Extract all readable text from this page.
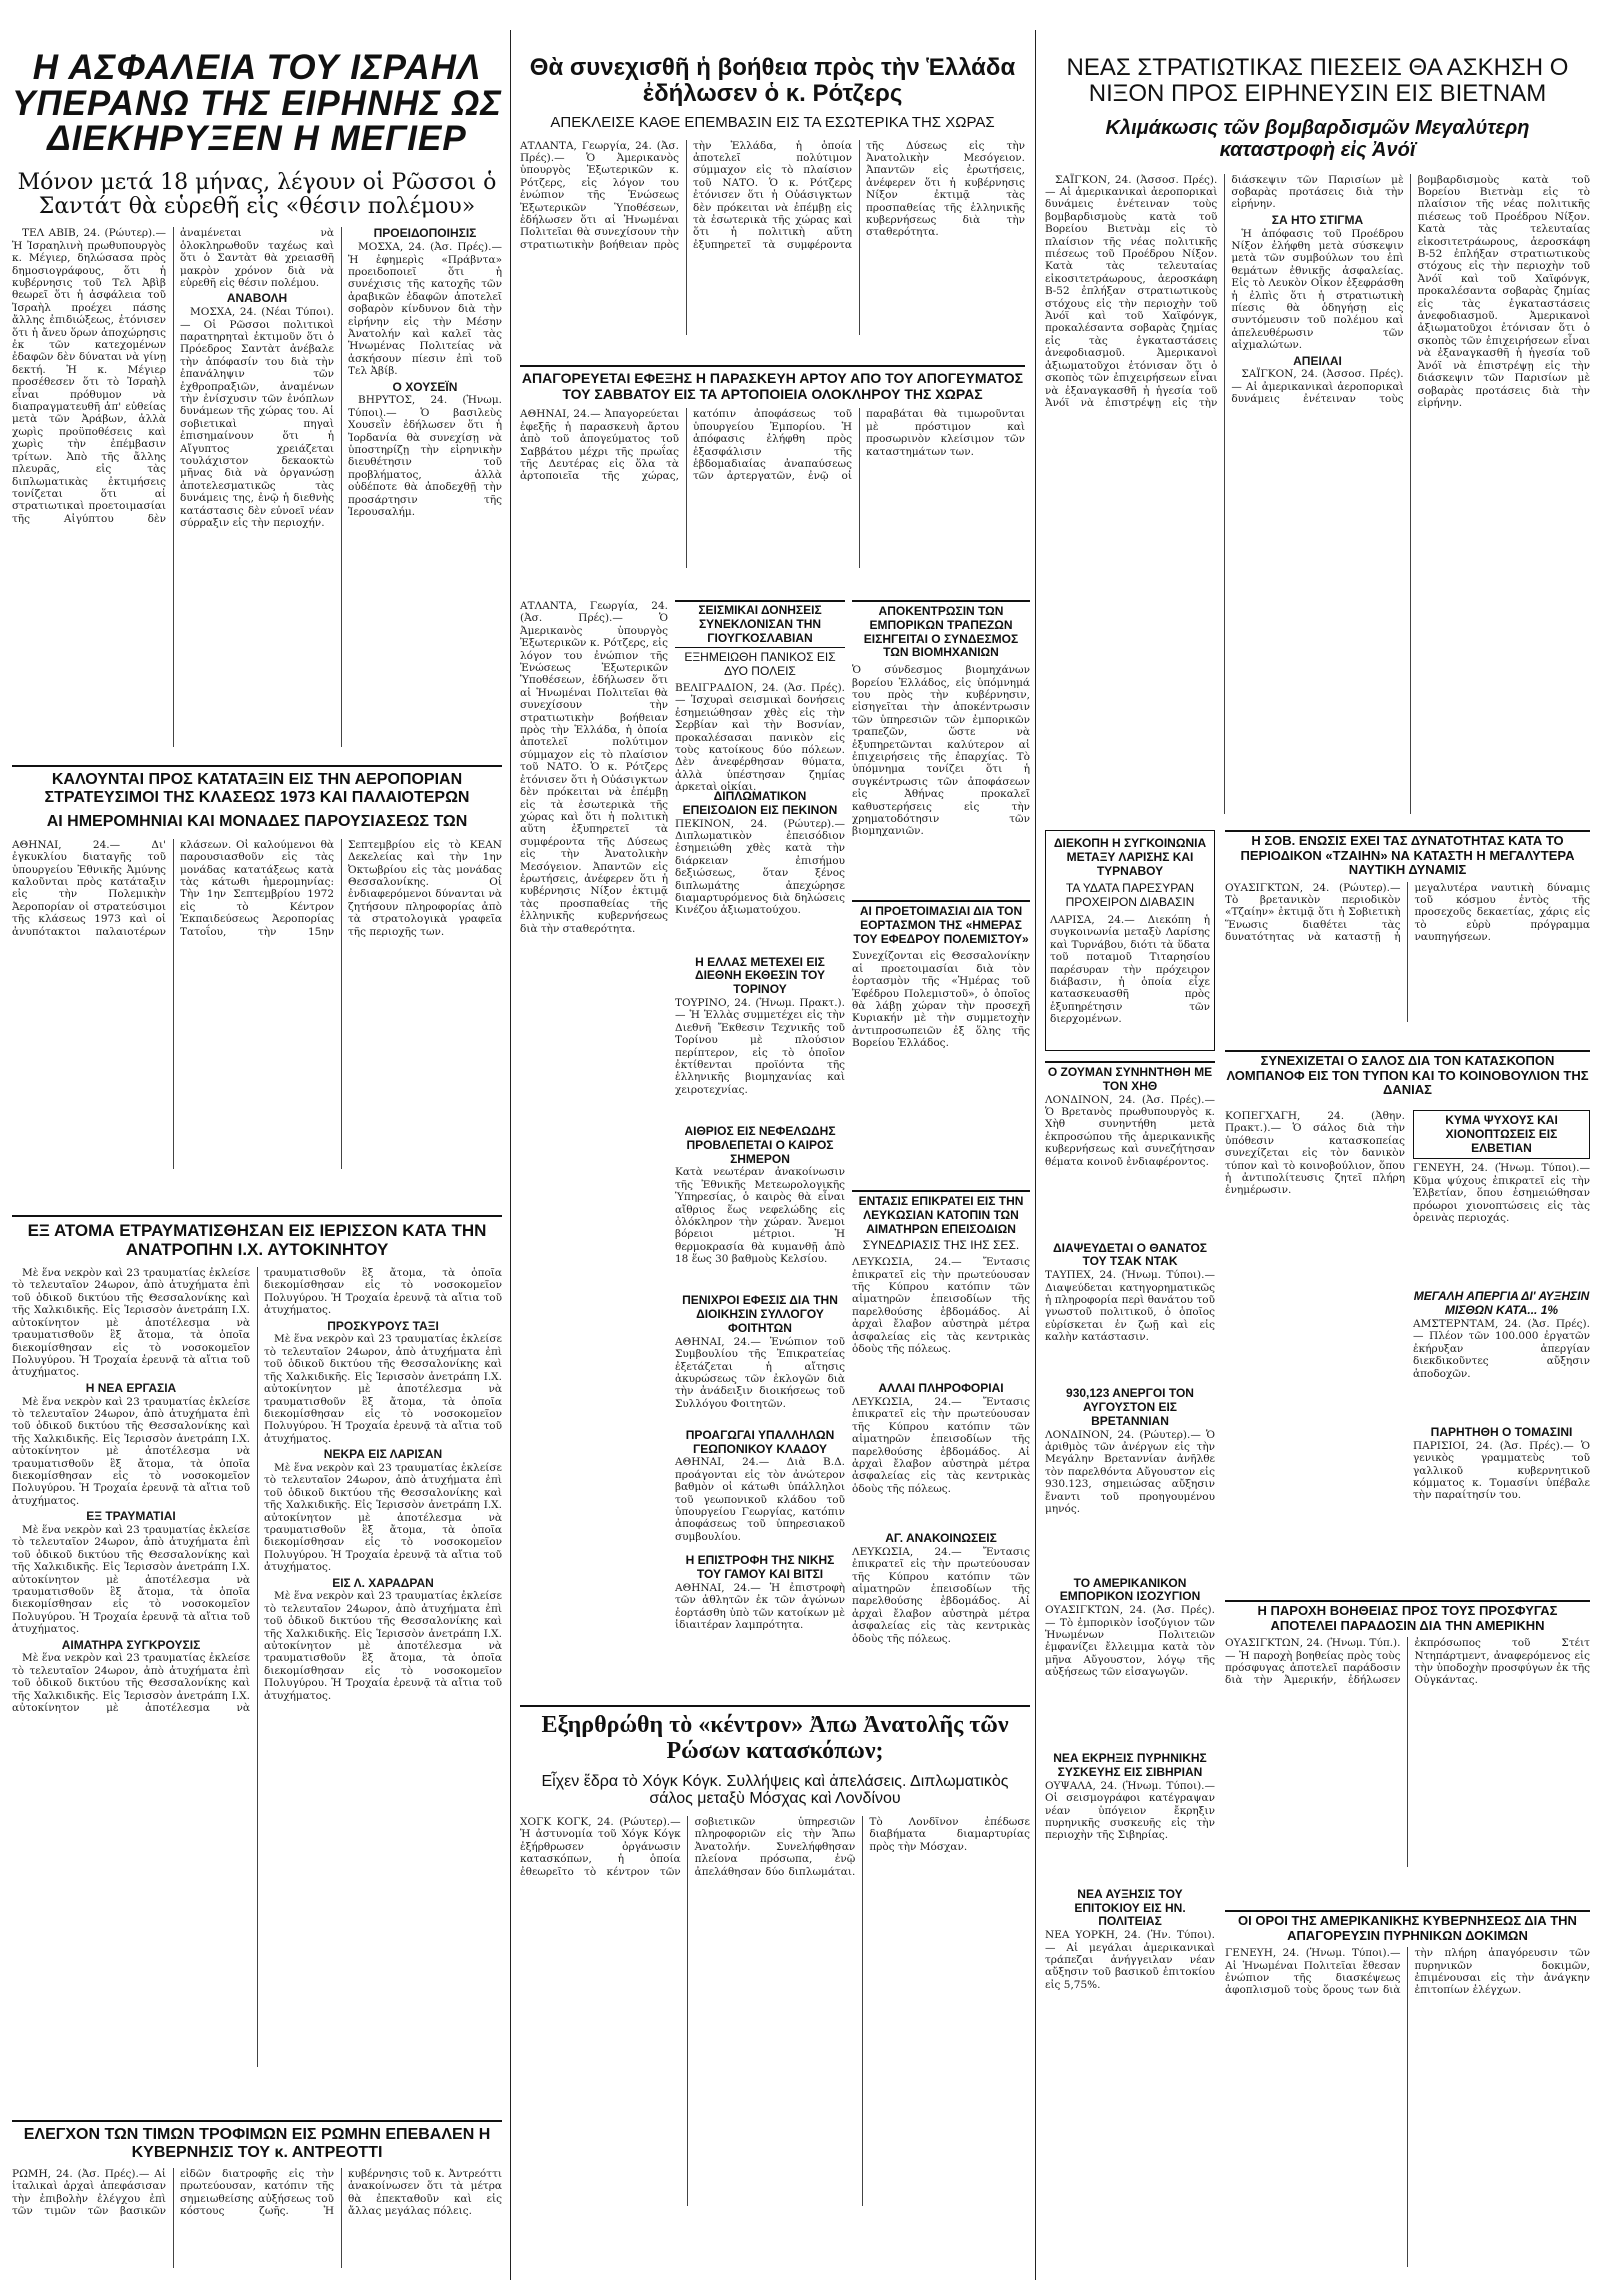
Η ΑΣΦΑΛΕΙΑ ΤΟΥ ΙΣΡΑΗΛ ΥΠΕΡΑΝΩ ΤΗΣ ΕΙΡΗΝΗΣ ΩΣ ΔΙΕΚΗΡΥΞΕΝ Η ΜΕΓΙΕΡ
Μόνον μετά 18 μήνας, λέγουν οἱ Ρῶσσοι ὁ Σαντάτ θὰ εὑρεθῆ εἰς «θέσιν πολέμου»

ΤΕΛ ΑΒΙΒ, 24. (Ρώυτερ).— Ἡ Ἰσραηλινὴ πρωθυπουργὸς κ. Μέγιερ, δηλώσασα πρὸς δημοσιογράφους, ὅτι ἡ κυβέρνησις τοῦ Τελ Ἀβὶβ θεωρεῖ ὅτι ἡ ἀσφάλεια τοῦ Ἰσραὴλ προέχει πάσης ἄλλης ἐπιδιώξεως, ἐτόνισεν ὅτι ἡ ἄνευ ὅρων ἀποχώρησις ἐκ τῶν κατεχομένων ἐδαφῶν δὲν δύναται νὰ γίνῃ δεκτή. Ἡ κ. Μέγιερ προσέθεσεν ὅτι τὸ Ἰσραὴλ εἶναι πρόθυμον νὰ διαπραγματευθῆ ἀπ' εὐθείας μετὰ τῶν Ἀράβων, ἀλλὰ χωρὶς προϋποθέσεις καὶ χωρὶς τὴν ἐπέμβασιν τρίτων. Ἀπὸ τῆς ἄλλης πλευρᾶς, εἰς τὰς διπλωματικὰς ἐκτιμήσεις τονίζεται ὅτι αἱ στρατιωτικαὶ προετοιμασίαι τῆς Αἰγύπτου δὲν ἀναμένεται νὰ ὁλοκληρωθοῦν ταχέως καὶ ὅτι ὁ Σαντὰτ θὰ χρειασθῆ μακρὸν χρόνον διὰ νὰ εὑρεθῆ εἰς θέσιν πολέμου.

ΑΝΑΒΟΛΗ

ΜΟΣΧΑ, 24. (Νέαι Τύποι).— Οἱ Ρῶσσοι πολιτικοὶ παρατηρηταὶ ἐκτιμοῦν ὅτι ὁ Πρόεδρος Σαντὰτ ἀνέβαλε τὴν ἀπόφασίν του διὰ τὴν ἐπανάληψιν τῶν ἐχθροπραξιῶν, ἀναμένων τὴν ἐνίσχυσιν τῶν ἐνόπλων δυνάμεων τῆς χώρας του. Αἱ σοβιετικαὶ πηγαὶ ἐπισημαίνουν ὅτι ἡ Αἴγυπτος χρειάζεται τουλάχιστον δεκαοκτὼ μῆνας διὰ νὰ ὀργανώσῃ ἀποτελεσματικῶς τὰς δυνάμεις της, ἐνῷ ἡ διεθνὴς κατάστασις δὲν εὐνοεῖ νέαν σύρραξιν εἰς τὴν περιοχήν.

ΠΡΟΕΙΔΟΠΟΙΗΣΙΣ

ΜΟΣΧΑ, 24. (Ἀσ. Πρές).— Ἡ ἐφημερὶς «Πράβντα» προειδοποιεῖ ὅτι ἡ συνέχισις τῆς κατοχῆς τῶν ἀραβικῶν ἐδαφῶν ἀποτελεῖ σοβαρὸν κίνδυνον διὰ τὴν εἰρήνην εἰς τὴν Μέσην Ἀνατολήν καὶ καλεῖ τὰς Ἡνωμένας Πολιτείας νὰ ἀσκήσουν πίεσιν ἐπὶ τοῦ Τελ Ἀβίβ.

Ο ΧΟΥΣΕΪΝ

ΒΗΡΥΤΟΣ, 24. (Ἡνωμ. Τύποι).— Ὁ βασιλεὺς Χουσεῒν ἐδήλωσεν ὅτι ἡ Ἰορδανία θὰ συνεχίσῃ νὰ ὑποστηρίζῃ τὴν εἰρηνικὴν διευθέτησιν τοῦ προβλήματος, ἀλλὰ οὐδέποτε θὰ ἀποδεχθῇ τὴν προσάρτησιν τῆς Ἱερουσαλήμ.

Θὰ συνεχισθῆ ἡ βοήθεια πρὸς τὴν Ἑλλάδα ἐδήλωσεν ὁ κ. Ρότζερς
ΑΠΕΚΛΕΙΣΕ ΚΑΘΕ ΕΠΕΜΒΑΣΙΝ ΕΙΣ ΤΑ ΕΣΩΤΕΡΙΚΑ ΤΗΣ ΧΩΡΑΣ
ΑΤΛΑΝΤΑ, Γεωργία, 24. (Ἀσ. Πρές).— Ὁ Ἀμερικανὸς ὑπουργὸς Ἐξωτερικῶν κ. Ρότζερς, εἰς λόγον του ἐνώπιον τῆς Ἑνώσεως Ἐξωτερικῶν Ὑποθέσεων, ἐδήλωσεν ὅτι αἱ Ἡνωμέναι Πολιτεῖαι θὰ συνεχίσουν τὴν στρατιωτικὴν βοήθειαν πρὸς τὴν Ἑλλάδα, ἡ ὁποία ἀποτελεῖ πολύτιμον σύμμαχον εἰς τὸ πλαίσιον τοῦ ΝΑΤΟ. Ὁ κ. Ρότζερς ἐτόνισεν ὅτι ἡ Οὐάσιγκτων δὲν πρόκειται νὰ ἐπέμβῃ εἰς τὰ ἐσωτερικὰ τῆς χώρας καὶ ὅτι ἡ πολιτικὴ αὕτη ἐξυπηρετεῖ τὰ συμφέροντα τῆς Δύσεως εἰς τὴν Ἀνατολικὴν Μεσόγειον. Ἀπαντῶν εἰς ἐρωτήσεις, ἀνέφερεν ὅτι ἡ κυβέρνησις Νίξον ἐκτιμᾷ τὰς προσπαθείας τῆς ἑλληνικῆς κυβερνήσεως διὰ τὴν σταθερότητα.
ΝΕΑΣ ΣΤΡΑΤΙΩΤΙΚΑΣ ΠΙΕΣΕΙΣ ΘΑ ΑΣΚΗΣΗ Ο ΝΙΞΟΝ ΠΡΟΣ ΕΙΡΗΝΕΥΣΙΝ ΕΙΣ ΒΙΕΤΝΑΜ
Κλιμάκωσις τῶν βομβαρδισμῶν Μεγαλύτερη καταστροφὴ εἰς Ἀνόϊ

ΣΑΪΓΚΟΝ, 24. (Ἀσσοσ. Πρές).— Αἱ ἀμερικανικαὶ ἀεροπορικαὶ δυνάμεις ἐνέτειναν τοὺς βομβαρδισμοὺς κατὰ τοῦ Βορείου Βιετνὰμ εἰς τὸ πλαίσιον τῆς νέας πολιτικῆς πιέσεως τοῦ Προέδρου Νίξον. Κατὰ τὰς τελευταίας εἰκοσιτετράωρους, ἀεροσκάφη Β-52 ἐπλήξαν στρατιωτικοὺς στόχους εἰς τὴν περιοχὴν τοῦ Ἀνόϊ καὶ τοῦ Χαϊφόνγκ, προκαλέσαντα σοβαρὰς ζημίας εἰς τὰς ἐγκαταστάσεις ἀνεφοδιασμοῦ. Ἀμερικανοὶ ἀξιωματοῦχοι ἐτόνισαν ὅτι ὁ σκοπὸς τῶν ἐπιχειρήσεων εἶναι νὰ ἐξαναγκασθῆ ἡ ἡγεσία τοῦ Ἀνόϊ νὰ ἐπιστρέψῃ εἰς τὴν διάσκεψιν τῶν Παρισίων μὲ σοβαρὰς προτάσεις διὰ τὴν εἰρήνην.

ΣΑ ΗΤΟ ΣΤΙΓΜΑ

Ἡ ἀπόφασις τοῦ Προέδρου Νίξον ἐλήφθη μετὰ σύσκεψιν μετὰ τῶν συμβούλων του ἐπὶ θεμάτων ἐθνικῆς ἀσφαλείας. Εἰς τὸ Λευκὸν Οἶκον ἐξεφράσθη ἡ ἐλπὶς ὅτι ἡ στρατιωτικὴ πίεσις θὰ ὁδηγήσῃ εἰς συντόμευσιν τοῦ πολέμου καὶ ἀπελευθέρωσιν τῶν αἰχμαλώτων.

ΑΠΕΙΛΑΙ

ΣΑΪΓΚΟΝ, 24. (Ἀσσοσ. Πρές).— Αἱ ἀμερικανικαὶ ἀεροπορικαὶ δυνάμεις ἐνέτειναν τοὺς βομβαρδισμοὺς κατὰ τοῦ Βορείου Βιετνὰμ εἰς τὸ πλαίσιον τῆς νέας πολιτικῆς πιέσεως τοῦ Προέδρου Νίξον. Κατὰ τὰς τελευταίας εἰκοσιτετράωρους, ἀεροσκάφη Β-52 ἐπλήξαν στρατιωτικοὺς στόχους εἰς τὴν περιοχὴν τοῦ Ἀνόϊ καὶ τοῦ Χαϊφόνγκ, προκαλέσαντα σοβαρὰς ζημίας εἰς τὰς ἐγκαταστάσεις ἀνεφοδιασμοῦ. Ἀμερικανοὶ ἀξιωματοῦχοι ἐτόνισαν ὅτι ὁ σκοπὸς τῶν ἐπιχειρήσεων εἶναι νὰ ἐξαναγκασθῆ ἡ ἡγεσία τοῦ Ἀνόϊ νὰ ἐπιστρέψῃ εἰς τὴν διάσκεψιν τῶν Παρισίων μὲ σοβαρὰς προτάσεις διὰ τὴν εἰρήνην.

ΣΕΙΣΜΙΚΑΙ ΔΟΝΗΣΕΙΣ ΣΥΝΕΚΛΟΝΙΣΑΝ ΤΗΝ ΓΙΟΥΓΚΟΣΛΑΒΙΑΝ
ΕΞΗΜΕΙΩΘΗ ΠΑΝΙΚΟΣ ΕΙΣ ΔΥΟ ΠΟΛΕΙΣ
ΒΕΛΙΓΡΑΔΙΟΝ, 24. (Ἀσ. Πρές).— Ἰσχυραὶ σεισμικαὶ δονήσεις ἐσημειώθησαν χθὲς εἰς τὴν Σερβίαν καὶ τὴν Βοσνίαν, προκαλέσασαι πανικὸν εἰς τοὺς κατοίκους δύο πόλεων. Δὲν ἀνεφέρθησαν θύματα, ἀλλὰ ὑπέστησαν ζημίας ἀρκεταὶ οἰκίαι.
ΔΙΠΛΩΜΑΤΙΚΟΝ ΕΠΕΙΣΟΔΙΟΝ ΕΙΣ ΠΕΚΙΝΟΝ
ΠΕΚΙΝΟΝ, 24. (Ρώυτερ).— Διπλωματικὸν ἐπεισόδιον ἐσημειώθη χθὲς κατὰ τὴν διάρκειαν ἐπισήμου δεξιώσεως, ὅταν ξένος διπλωμάτης ἀπεχώρησε διαμαρτυρόμενος διὰ δηλώσεις Κινέζου ἀξιωματούχου.
Η ΕΛΛΑΣ ΜΕΤΕΧΕΙ ΕΙΣ ΔΙΕΘΝΗ ΕΚΘΕΣΙΝ ΤΟΥ ΤΟΡΙΝΟΥ
ΤΟΥΡΙΝΟ, 24. (Ἡνωμ. Πρακτ.).— Ἡ Ἑλλὰς συμμετέχει εἰς τὴν Διεθνῆ Ἔκθεσιν Τεχνικῆς τοῦ Τορίνου μὲ πλούσιον περίπτερον, εἰς τὸ ὁποῖον ἐκτίθενται προϊόντα τῆς ἑλληνικῆς βιομηχανίας καὶ χειροτεχνίας.
ΑΙΘΡΙΟΣ ΕΙΣ ΝΕΦΕΛΩΔΗΣ ΠΡΟΒΛΕΠΕΤΑΙ Ο ΚΑΙΡΟΣ ΣΗΜΕΡΟΝ
Κατὰ νεωτέραν ἀνακοίνωσιν τῆς Ἐθνικῆς Μετεωρολογικῆς Ὑπηρεσίας, ὁ καιρὸς θὰ εἶναι αἴθριος ἕως νεφελώδης εἰς ὁλόκληρον τὴν χώραν. Ἄνεμοι βόρειοι μέτριοι. Ἡ θερμοκρασία θὰ κυμανθῇ ἀπὸ 18 ἕως 30 βαθμοὺς Κελσίου.
ΠΕΝΙΧΡΟΙ ΕΦΕΣΙΣ ΔΙΑ ΤΗΝ ΔΙΟΙΚΗΣΙΝ ΣΥΛΛΟΓΟΥ ΦΟΙΤΗΤΩΝ
ΑΘΗΝΑΙ, 24.— Ἐνώπιον τοῦ Συμβουλίου τῆς Ἐπικρατείας ἐξετάζεται ἡ αἴτησις ἀκυρώσεως τῶν ἐκλογῶν διὰ τὴν ἀνάδειξιν διοικήσεως τοῦ Συλλόγου Φοιτητῶν.
ΠΡΟΑΓΩΓΑΙ ΥΠΑΛΛΗΛΩΝ ΓΕΩΠΟΝΙΚΟΥ ΚΛΑΔΟΥ
ΑΘΗΝΑΙ, 24.— Διὰ Β.Δ. προάγονται εἰς τὸν ἀνώτερον βαθμὸν οἱ κάτωθι ὑπάλληλοι τοῦ γεωπονικοῦ κλάδου τοῦ ὑπουργείου Γεωργίας, κατόπιν ἀποφάσεως τοῦ ὑπηρεσιακοῦ συμβουλίου.
Η ΕΠΙΣΤΡΟΦΗ ΤΗΣ ΝΙΚΗΣ ΤΟΥ ΓΑΜΟΥ ΚΑΙ ΒΙΤΣΙ
ΑΘΗΝΑΙ, 24.— Ἡ ἐπιστροφὴ τῶν ἀθλητῶν ἐκ τῶν ἀγώνων ἐορτάσθη ὑπὸ τῶν κατοίκων μὲ ἰδιαιτέραν λαμπρότητα.
ΑΤΛΑΝΤΑ, Γεωργία, 24. (Ἀσ. Πρές).— Ὁ Ἀμερικανὸς ὑπουργὸς Ἐξωτερικῶν κ. Ρότζερς, εἰς λόγον του ἐνώπιον τῆς Ἑνώσεως Ἐξωτερικῶν Ὑποθέσεων, ἐδήλωσεν ὅτι αἱ Ἡνωμέναι Πολιτεῖαι θὰ συνεχίσουν τὴν στρατιωτικὴν βοήθειαν πρὸς τὴν Ἑλλάδα, ἡ ὁποία ἀποτελεῖ πολύτιμον σύμμαχον εἰς τὸ πλαίσιον τοῦ ΝΑΤΟ. Ὁ κ. Ρότζερς ἐτόνισεν ὅτι ἡ Οὐάσιγκτων δὲν πρόκειται νὰ ἐπέμβῃ εἰς τὰ ἐσωτερικὰ τῆς χώρας καὶ ὅτι ἡ πολιτικὴ αὕτη ἐξυπηρετεῖ τὰ συμφέροντα τῆς Δύσεως εἰς τὴν Ἀνατολικὴν Μεσόγειον. Ἀπαντῶν εἰς ἐρωτήσεις, ἀνέφερεν ὅτι ἡ κυβέρνησις Νίξον ἐκτιμᾷ τὰς προσπαθείας τῆς ἑλληνικῆς κυβερνήσεως διὰ τὴν σταθερότητα.
ΚΑΛΟΥΝΤΑΙ ΠΡΟΣ ΚΑΤΑΤΑΞΙΝ ΕΙΣ ΤΗΝ ΑΕΡΟΠΟΡΙΑΝ ΣΤΡΑΤΕΥΣΙΜΟΙ ΤΗΣ ΚΛΑΣΕΩΣ 1973 ΚΑΙ ΠΑΛΑΙΟΤΕΡΩΝ
ΑΙ ΗΜΕΡΟΜΗΝΙΑΙ ΚΑΙ ΜΟΝΑΔΕΣ ΠΑΡΟΥΣΙΑΣΕΩΣ ΤΩΝ
ΑΘΗΝΑΙ, 24.— Δι' ἐγκυκλίου διαταγῆς τοῦ ὑπουργείου Ἐθνικῆς Ἀμύνης καλοῦνται πρὸς κατάταξιν εἰς τὴν Πολεμικὴν Ἀεροπορίαν οἱ στρατεύσιμοι τῆς κλάσεως 1973 καὶ οἱ ἀνυπότακτοι παλαιοτέρων κλάσεων. Οἱ καλούμενοι θὰ παρουσιασθοῦν εἰς τὰς μονάδας κατατάξεως κατὰ τὰς κάτωθι ἡμερομηνίας: Τὴν 1ην Σεπτεμβρίου 1972 εἰς τὸ Κέντρον Ἐκπαιδεύσεως Ἀεροπορίας Τατοΐου, τὴν 15ην Σεπτεμβρίου εἰς τὸ ΚΕΑΝ Δεκελείας καὶ τὴν 1ην Ὀκτωβρίου εἰς τὰς μονάδας Θεσσαλονίκης. Οἱ ἐνδιαφερόμενοι δύνανται νὰ ζητήσουν πληροφορίας ἀπὸ τὰ στρατολογικὰ γραφεῖα τῆς περιοχῆς των.
ΕΞ ΑΤΟΜΑ ΕΤΡΑΥΜΑΤΙΣΘΗΣΑΝ ΕΙΣ ΙΕΡΙΣΣΟΝ ΚΑΤΑ ΤΗΝ ΑΝΑΤΡΟΠΗΝ Ι.Χ. ΑΥΤΟΚΙΝΗΤΟΥ

Μὲ ἕνα νεκρὸν καὶ 23 τραυματίας ἐκλείσε τὸ τελευταῖον 24ωρον, ἀπὸ ἀτυχήματα ἐπὶ τοῦ ὁδικοῦ δικτύου τῆς Θεσσαλονίκης καὶ τῆς Χαλκιδικῆς. Εἰς Ἱερισσὸν ἀνετράπη Ι.Χ. αὐτοκίνητον μὲ ἀποτέλεσμα νὰ τραυματισθοῦν ἓξ ἄτομα, τὰ ὁποῖα διεκομίσθησαν εἰς τὸ νοσοκομεῖον Πολυγύρου. Ἡ Τροχαία ἐρευνᾷ τὰ αἴτια τοῦ ἀτυχήματος.

Η ΝΕΑ ΕΡΓΑΣΙΑ

Μὲ ἕνα νεκρὸν καὶ 23 τραυματίας ἐκλείσε τὸ τελευταῖον 24ωρον, ἀπὸ ἀτυχήματα ἐπὶ τοῦ ὁδικοῦ δικτύου τῆς Θεσσαλονίκης καὶ τῆς Χαλκιδικῆς. Εἰς Ἱερισσὸν ἀνετράπη Ι.Χ. αὐτοκίνητον μὲ ἀποτέλεσμα νὰ τραυματισθοῦν ἓξ ἄτομα, τὰ ὁποῖα διεκομίσθησαν εἰς τὸ νοσοκομεῖον Πολυγύρου. Ἡ Τροχαία ἐρευνᾷ τὰ αἴτια τοῦ ἀτυχήματος.

ΕΞ ΤΡΑΥΜΑΤΙΑΙ

Μὲ ἕνα νεκρὸν καὶ 23 τραυματίας ἐκλείσε τὸ τελευταῖον 24ωρον, ἀπὸ ἀτυχήματα ἐπὶ τοῦ ὁδικοῦ δικτύου τῆς Θεσσαλονίκης καὶ τῆς Χαλκιδικῆς. Εἰς Ἱερισσὸν ἀνετράπη Ι.Χ. αὐτοκίνητον μὲ ἀποτέλεσμα νὰ τραυματισθοῦν ἓξ ἄτομα, τὰ ὁποῖα διεκομίσθησαν εἰς τὸ νοσοκομεῖον Πολυγύρου. Ἡ Τροχαία ἐρευνᾷ τὰ αἴτια τοῦ ἀτυχήματος.

ΑΙΜΑΤΗΡΑ ΣΥΓΚΡΟΥΣΙΣ

Μὲ ἕνα νεκρὸν καὶ 23 τραυματίας ἐκλείσε τὸ τελευταῖον 24ωρον, ἀπὸ ἀτυχήματα ἐπὶ τοῦ ὁδικοῦ δικτύου τῆς Θεσσαλονίκης καὶ τῆς Χαλκιδικῆς. Εἰς Ἱερισσὸν ἀνετράπη Ι.Χ. αὐτοκίνητον μὲ ἀποτέλεσμα νὰ τραυματισθοῦν ἓξ ἄτομα, τὰ ὁποῖα διεκομίσθησαν εἰς τὸ νοσοκομεῖον Πολυγύρου. Ἡ Τροχαία ἐρευνᾷ τὰ αἴτια τοῦ ἀτυχήματος.

ΠΡΟΣΚΥΡΟΥΣ ΤΑΞΙ

Μὲ ἕνα νεκρὸν καὶ 23 τραυματίας ἐκλείσε τὸ τελευταῖον 24ωρον, ἀπὸ ἀτυχήματα ἐπὶ τοῦ ὁδικοῦ δικτύου τῆς Θεσσαλονίκης καὶ τῆς Χαλκιδικῆς. Εἰς Ἱερισσὸν ἀνετράπη Ι.Χ. αὐτοκίνητον μὲ ἀποτέλεσμα νὰ τραυματισθοῦν ἓξ ἄτομα, τὰ ὁποῖα διεκομίσθησαν εἰς τὸ νοσοκομεῖον Πολυγύρου. Ἡ Τροχαία ἐρευνᾷ τὰ αἴτια τοῦ ἀτυχήματος.

ΝΕΚΡΑ ΕΙΣ ΛΑΡΙΣΑΝ

Μὲ ἕνα νεκρὸν καὶ 23 τραυματίας ἐκλείσε τὸ τελευταῖον 24ωρον, ἀπὸ ἀτυχήματα ἐπὶ τοῦ ὁδικοῦ δικτύου τῆς Θεσσαλονίκης καὶ τῆς Χαλκιδικῆς. Εἰς Ἱερισσὸν ἀνετράπη Ι.Χ. αὐτοκίνητον μὲ ἀποτέλεσμα νὰ τραυματισθοῦν ἓξ ἄτομα, τὰ ὁποῖα διεκομίσθησαν εἰς τὸ νοσοκομεῖον Πολυγύρου. Ἡ Τροχαία ἐρευνᾷ τὰ αἴτια τοῦ ἀτυχήματος.

ΕΙΣ Λ. ΧΑΡΑΔΡΑΝ

Μὲ ἕνα νεκρὸν καὶ 23 τραυματίας ἐκλείσε τὸ τελευταῖον 24ωρον, ἀπὸ ἀτυχήματα ἐπὶ τοῦ ὁδικοῦ δικτύου τῆς Θεσσαλονίκης καὶ τῆς Χαλκιδικῆς. Εἰς Ἱερισσὸν ἀνετράπη Ι.Χ. αὐτοκίνητον μὲ ἀποτέλεσμα νὰ τραυματισθοῦν ἓξ ἄτομα, τὰ ὁποῖα διεκομίσθησαν εἰς τὸ νοσοκομεῖον Πολυγύρου. Ἡ Τροχαία ἐρευνᾷ τὰ αἴτια τοῦ ἀτυχήματος.

ΕΛΕΓΧΟΝ ΤΩΝ ΤΙΜΩΝ ΤΡΟΦΙΜΩΝ ΕΙΣ ΡΩΜΗΝ ΕΠΕΒΑΛΕΝ Η ΚΥΒΕΡΝΗΣΙΣ ΤΟΥ κ. ΑΝΤΡΕΟΤΤΙ
ΡΩΜΗ, 24. (Ἀσ. Πρές).— Αἱ ἰταλικαὶ ἀρχαὶ ἀπεφάσισαν τὴν ἐπιβολὴν ἐλέγχου ἐπὶ τῶν τιμῶν τῶν βασικῶν εἰδῶν διατροφῆς εἰς τὴν πρωτεύουσαν, κατόπιν τῆς σημειωθείσης αὐξήσεως τοῦ κόστους ζωῆς. Ἡ κυβέρνησις τοῦ κ. Ἀντρεόττι ἀνακοίνωσεν ὅτι τὰ μέτρα θὰ ἐπεκταθοῦν καὶ εἰς ἄλλας μεγάλας πόλεις.
ΑΠΑΓΟΡΕΥΕΤΑΙ ΕΦΕΞΗΣ Η ΠΑΡΑΣΚΕΥΗ ΑΡΤΟΥ ΑΠΟ ΤΟΥ ΑΠΟΓΕΥΜΑΤΟΣ ΤΟΥ ΣΑΒΒΑΤΟΥ ΕΙΣ ΤΑ ΑΡΤΟΠΟΙΕΙΑ ΟΛΟΚΛΗΡΟΥ ΤΗΣ ΧΩΡΑΣ
ΑΘΗΝΑΙ, 24.— Ἀπαγορεύεται ἐφεξῆς ἡ παρασκευὴ ἄρτου ἀπὸ τοῦ ἀπογεύματος τοῦ Σαββάτου μέχρι τῆς πρωΐας τῆς Δευτέρας εἰς ὅλα τὰ ἀρτοποιεῖα τῆς χώρας, κατόπιν ἀποφάσεως τοῦ ὑπουργείου Ἐμπορίου. Ἡ ἀπόφασις ἐλήφθη πρὸς ἐξασφάλισιν τῆς ἑβδομαδιαίας ἀναπαύσεως τῶν ἀρτεργατῶν, ἐνῷ οἱ παραβάται θὰ τιμωροῦνται μὲ πρόστιμον καὶ προσωρινὸν κλείσιμον τῶν καταστημάτων των.
ΑΠΟΚΕΝΤΡΩΣΙΝ ΤΩΝ ΕΜΠΟΡΙΚΩΝ ΤΡΑΠΕΖΩΝ ΕΙΣΗΓΕΙΤΑΙ Ο ΣΥΝΔΕΣΜΟΣ ΤΩΝ ΒΙΟΜΗΧΑΝΙΩΝ
Ὁ σύνδεσμος βιομηχάνων βορείου Ἑλλάδος, εἰς ὑπόμνημά του πρὸς τὴν κυβέρνησιν, εἰσηγεῖται τὴν ἀποκέντρωσιν τῶν ὑπηρεσιῶν τῶν ἐμπορικῶν τραπεζῶν, ὥστε νὰ ἐξυπηρετῶνται καλύτερον αἱ ἐπιχειρήσεις τῆς ἐπαρχίας. Τὸ ὑπόμνημα τονίζει ὅτι ἡ συγκέντρωσις τῶν ἀποφάσεων εἰς Ἀθήνας προκαλεῖ καθυστερήσεις εἰς τὴν χρηματοδότησιν τῶν βιομηχανιῶν.
ΑΙ ΠΡΟΕΤΟΙΜΑΣΙΑΙ ΔΙΑ ΤΟΝ ΕΟΡΤΑΣΜΟΝ ΤΗΣ «ΗΜΕΡΑΣ ΤΟΥ ΕΦΕΔΡΟΥ ΠΟΛΕΜΙΣΤΟΥ»
Συνεχίζονται εἰς Θεσσαλονίκην αἱ προετοιμασίαι διὰ τὸν ἑορτασμὸν τῆς «Ἡμέρας τοῦ Ἐφέδρου Πολεμιστοῦ», ὁ ὁποῖος θὰ λάβῃ χώραν τὴν προσεχῆ Κυριακήν μὲ τὴν συμμετοχὴν ἀντιπροσωπειῶν ἐξ ὅλης τῆς Βορείου Ἑλλάδος.
ΕΝΤΑΣΙΣ ΕΠΙΚΡΑΤΕΙ ΕΙΣ ΤΗΝ ΛΕΥΚΩΣΙΑΝ ΚΑΤΟΠΙΝ ΤΩΝ ΑΙΜΑΤΗΡΩΝ ΕΠΕΙΣΟΔΙΩΝ
ΣΥΝΕΔΡΙΑΣΙΣ ΤΗΣ ΙΗΣ ΣΕΣ.
ΛΕΥΚΩΣΙΑ, 24.— Ἔντασις ἐπικρατεῖ εἰς τὴν πρωτεύουσαν τῆς Κύπρου κατόπιν τῶν αἱματηρῶν ἐπεισοδίων τῆς παρελθούσης ἑβδομάδος. Αἱ ἀρχαὶ ἔλαβον αὐστηρὰ μέτρα ἀσφαλείας εἰς τὰς κεντρικὰς ὁδοὺς τῆς πόλεως.
ΑΛΛΑΙ ΠΛΗΡΟΦΟΡΙΑΙ
ΛΕΥΚΩΣΙΑ, 24.— Ἔντασις ἐπικρατεῖ εἰς τὴν πρωτεύουσαν τῆς Κύπρου κατόπιν τῶν αἱματηρῶν ἐπεισοδίων τῆς παρελθούσης ἑβδομάδος. Αἱ ἀρχαὶ ἔλαβον αὐστηρὰ μέτρα ἀσφαλείας εἰς τὰς κεντρικὰς ὁδοὺς τῆς πόλεως.
ΑΓ. ΑΝΑΚΟΙΝΩΣΕΙΣ
ΛΕΥΚΩΣΙΑ, 24.— Ἔντασις ἐπικρατεῖ εἰς τὴν πρωτεύουσαν τῆς Κύπρου κατόπιν τῶν αἱματηρῶν ἐπεισοδίων τῆς παρελθούσης ἑβδομάδος. Αἱ ἀρχαὶ ἔλαβον αὐστηρὰ μέτρα ἀσφαλείας εἰς τὰς κεντρικὰς ὁδοὺς τῆς πόλεως.
Εξηρθρώθη τὸ «κέντρον» Ἀπω Ἀνατολῆς τῶν Ρώσων κατασκόπων;
Εἶχεν ἕδρα τὸ Χόγκ Κόγκ. Συλλήψεις καὶ ἀπελάσεις. Διπλωματικὸς σάλος μεταξὺ Μόσχας καὶ Λονδίνου
ΧΟΓΚ ΚΟΓΚ, 24. (Ρώυτερ).— Ἡ ἀστυνομία τοῦ Χόγκ Κόγκ ἐξήρθρωσεν ὀργάνωσιν κατασκόπων, ἡ ὁποία ἐθεωρεῖτο τὸ κέντρον τῶν σοβιετικῶν ὑπηρεσιῶν πληροφοριῶν εἰς τὴν Ἄπω Ἀνατολήν. Συνελήφθησαν πλείονα πρόσωπα, ἐνῷ ἀπελάθησαν δύο διπλωμάται. Τὸ Λονδῖνον ἐπέδωσε διαβήματα διαμαρτυρίας πρὸς τὴν Μόσχαν.
ΔΙΕΚΟΠΗ Η ΣΥΓΚΟΙΝΩΝΙΑ ΜΕΤΑΞΥ ΛΑΡΙΣΗΣ ΚΑΙ ΤΥΡΝΑΒΟΥ
ΤΑ ΥΔΑΤΑ ΠΑΡΕΣΥΡΑΝ ΠΡΟΧΕΙΡΟΝ ΔΙΑΒΑΣΙΝ
ΛΑΡΙΣΑ, 24.— Διεκόπη ἡ συγκοινωνία μεταξὺ Λαρίσης καὶ Τυρνάβου, διότι τὰ ὕδατα τοῦ ποταμοῦ Τιταρησίου παρέσυραν τὴν πρόχειρον διάβασιν, ἡ ὁποία εἶχε κατασκευασθῆ πρὸς ἐξυπηρέτησιν τῶν διερχομένων.
Ο ΖΟΥΜΑΝ ΣΥΝΗΝΤΗΘΗ ΜΕ ΤΟΝ ΧΗΘ
ΛΟΝΔΙΝΟΝ, 24. (Ἀσ. Πρές).— Ὁ Βρετανὸς πρωθυπουργὸς κ. Χὴθ συνηντήθη μετὰ ἐκπροσώπου τῆς ἀμερικανικῆς κυβερνήσεως καὶ συνεζήτησαν θέματα κοινοῦ ἐνδιαφέροντος.
ΔΙΑΨΕΥΔΕΤΑΙ Ο ΘΑΝΑΤΟΣ ΤΟΥ ΤΣΑΚ ΝΤΑΚ
ΤΑΥΠΕΧ, 24. (Ἡνωμ. Τύποι).— Διαψεύδεται κατηγορηματικῶς ἡ πληροφορία περὶ θανάτου τοῦ γνωστοῦ πολιτικοῦ, ὁ ὁποῖος εὑρίσκεται ἐν ζωῇ καὶ εἰς καλὴν κατάστασιν.
930,123 ΑΝΕΡΓΟΙ ΤΟΝ ΑΥΓΟΥΣΤΟΝ ΕΙΣ ΒΡΕΤΑΝΝΙΑΝ
ΛΟΝΔΙΝΟΝ, 24. (Ρώυτερ).— Ὁ ἀριθμὸς τῶν ἀνέργων εἰς τὴν Μεγάλην Βρεταννίαν ἀνῆλθε τὸν παρελθόντα Αὔγουστον εἰς 930.123, σημειώσας αὔξησιν ἔναντι τοῦ προηγουμένου μηνός.
ΤΟ ΑΜΕΡΙΚΑΝΙΚΟΝ ΕΜΠΟΡΙΚΟΝ ΙΣΟΖΥΓΙΟΝ
ΟΥΑΣΙΓΚΤΩΝ, 24. (Ἀσ. Πρές).— Τὸ ἐμπορικὸν ἰσοζύγιον τῶν Ἡνωμένων Πολιτειῶν ἐμφανίζει ἔλλειμμα κατὰ τὸν μῆνα Αὔγουστον, λόγῳ τῆς αὐξήσεως τῶν εἰσαγωγῶν.
ΝΕΑ ΕΚΡΗΞΙΣ ΠΥΡΗΝΙΚΗΣ ΣΥΣΚΕΥΗΣ ΕΙΣ ΣΙΒΗΡΙΑΝ
ΟΥΨΑΛΑ, 24. (Ἡνωμ. Τύποι).— Οἱ σεισμογράφοι κατέγραψαν νέαν ὑπόγειον ἔκρηξιν πυρηνικῆς συσκευῆς εἰς τὴν περιοχὴν τῆς Σιβηρίας.
ΝΕΑ ΑΥΞΗΣΙΣ ΤΟΥ ΕΠΙΤΟΚΙΟΥ ΕΙΣ ΗΝ. ΠΟΛΙΤΕΙΑΣ
ΝΕΑ ΥΟΡΚΗ, 24. (Ἡν. Τύποι).— Αἱ μεγάλαι ἀμερικανικαὶ τράπεζαι ἀνήγγειλαν νέαν αὔξησιν τοῦ βασικοῦ ἐπιτοκίου εἰς 5,75%.
Η ΣΟΒ. ΕΝΩΣΙΣ ΕΧΕΙ ΤΑΣ ΔΥΝΑΤΟΤΗΤΑΣ ΚΑΤΑ ΤΟ ΠΕΡΙΟΔΙΚΟΝ «ΤΖΑΙΗΝ» ΝΑ ΚΑΤΑΣΤΗ Η ΜΕΓΑΛΥΤΕΡΑ ΝΑΥΤΙΚΗ ΔΥΝΑΜΙΣ
ΟΥΑΣΙΓΚΤΩΝ, 24. (Ρώυτερ).— Τὸ βρετανικὸν περιοδικὸν «Τζαίην» ἐκτιμᾷ ὅτι ἡ Σοβιετικὴ Ἕνωσις διαθέτει τὰς δυνατότητας νὰ καταστῇ ἡ μεγαλυτέρα ναυτικὴ δύναμις τοῦ κόσμου ἐντὸς τῆς προσεχοῦς δεκαετίας, χάρις εἰς τὸ εὐρὺ πρόγραμμα ναυπηγήσεων.
ΣΥΝΕΧΙΖΕΤΑΙ Ο ΣΑΛΟΣ ΔΙΑ ΤΟΝ ΚΑΤΑΣΚΟΠΟΝ ΛΟΜΠΑΝΟΦ ΕΙΣ ΤΟΝ ΤΥΠΟΝ ΚΑΙ ΤΟ ΚΟΙΝΟΒΟΥΛΙΟΝ ΤΗΣ ΔΑΝΙΑΣ
ΚΟΠΕΓΧΑΓΗ, 24. (Ἀθην. Πρακτ.).— Ὁ σάλος διὰ τὴν ὑπόθεσιν κατασκοπείας συνεχίζεται εἰς τὸν δανικὸν τύπον καὶ τὸ κοινοβούλιον, ὅπου ἡ ἀντιπολίτευσις ζητεῖ πλήρη ἐνημέρωσιν.
ΚΥΜΑ ΨΥΧΟΥΣ ΚΑΙ ΧΙΟΝΟΠΤΩΣΕΙΣ ΕΙΣ ΕΛΒΕΤΙΑΝ
ΓΕΝΕΥΗ, 24. (Ἡνωμ. Τύποι).— Κῦμα ψύχους ἐπικρατεῖ εἰς τὴν Ἑλβετίαν, ὅπου ἐσημειώθησαν πρόωροι χιονοπτώσεις εἰς τὰς ὀρεινὰς περιοχάς.
ΜΕΓΑΛΗ ΑΠΕΡΓΙΑ ΔΙ' ΑΥΞΗΣΙΝ ΜΙΣΘΩΝ ΚΑΤΑ... 1%
ΑΜΣΤΕΡΝΤΑΜ, 24. (Ἀσ. Πρές).— Πλέον τῶν 100.000 ἐργατῶν ἐκήρυξαν ἀπεργίαν διεκδικοῦντες αὔξησιν ἀποδοχῶν.
ΠΑΡΗΤΗΘΗ Ο ΤΟΜΑΣΙΝΙ
ΠΑΡΙΣΙΟΙ, 24. (Ἀσ. Πρές).— Ὁ γενικὸς γραμματεὺς τοῦ γαλλικοῦ κυβερνητικοῦ κόμματος κ. Τομασίνι ὑπέβαλε τὴν παραίτησίν του.
Η ΠΑΡΟΧΗ ΒΟΗΘΕΙΑΣ ΠΡΟΣ ΤΟΥΣ ΠΡΟΣΦΥΓΑΣ ΑΠΟΤΕΛΕΙ ΠΑΡΑΔΟΣΙΝ ΔΙΑ ΤΗΝ ΑΜΕΡΙΚΗΝ
ΟΥΑΣΙΓΚΤΩΝ, 24. (Ἡνωμ. Τύπ.).— Ἡ παροχὴ βοηθείας πρὸς τοὺς πρόσφυγας ἀποτελεῖ παράδοσιν διὰ τὴν Ἀμερικήν, ἐδήλωσεν ἐκπρόσωπος τοῦ Στέιτ Ντηπάρτμεντ, ἀναφερόμενος εἰς τὴν ὑποδοχὴν προσφύγων ἐκ τῆς Οὐγκάντας.
ΟΙ ΟΡΟΙ ΤΗΣ ΑΜΕΡΙΚΑΝΙΚΗΣ ΚΥΒΕΡΝΗΣΕΩΣ ΔΙΑ ΤΗΝ ΑΠΑΓΟΡΕΥΣΙΝ ΠΥΡΗΝΙΚΩΝ ΔΟΚΙΜΩΝ
ΓΕΝΕΥΗ, 24. (Ἡνωμ. Τύποι).— Αἱ Ἡνωμέναι Πολιτεῖαι ἔθεσαν ἐνώπιον τῆς διασκέψεως ἀφοπλισμοῦ τοὺς ὅρους των διὰ τὴν πλήρη ἀπαγόρευσιν τῶν πυρηνικῶν δοκιμῶν, ἐπιμένουσαι εἰς τὴν ἀνάγκην ἐπιτοπίων ἐλέγχων.
